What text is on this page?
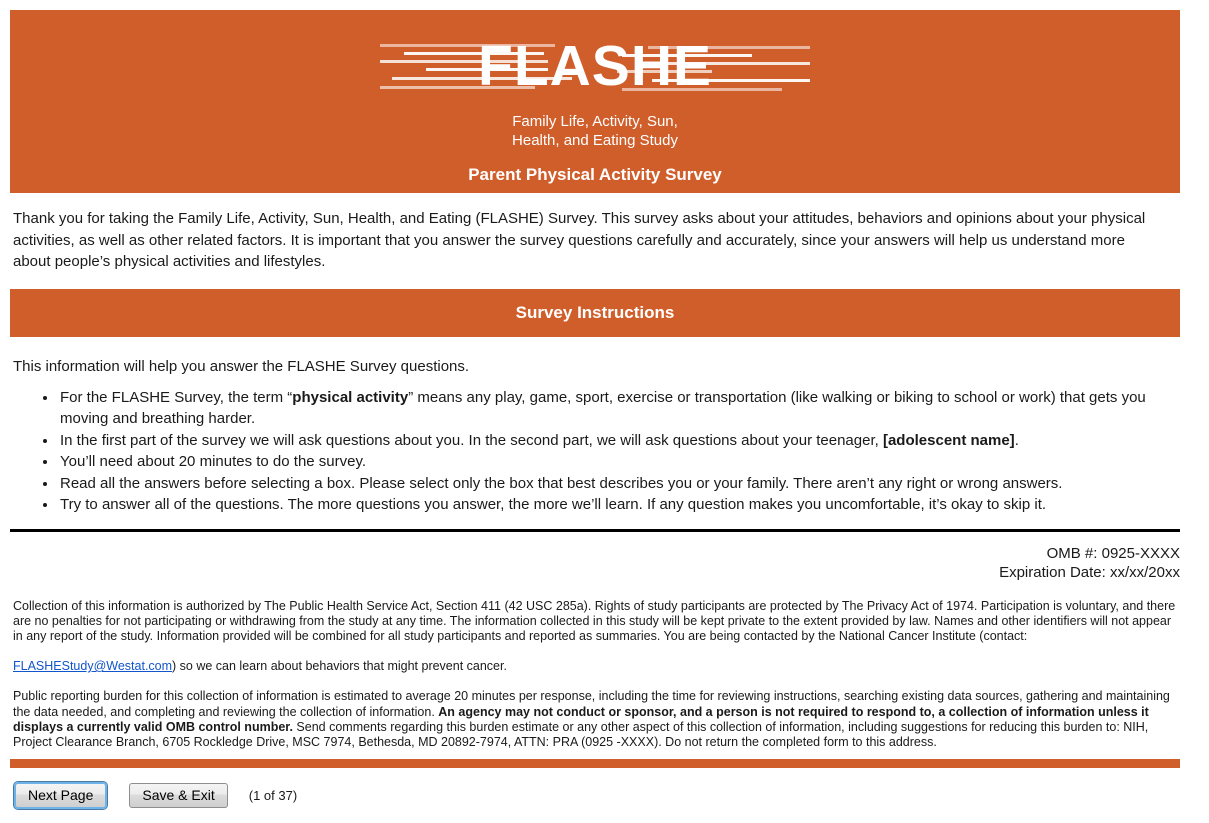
FLASHE
Family Life, Activity, Sun,
Health, and Eating Study
Parent Physical Activity Survey

Thank you for taking the Family Life, Activity, Sun, Health, and Eating (FLASHE) Survey. This survey asks about your attitudes, behaviors and opinions about your physical activities, as well as other related factors. It is important that you answer the survey questions carefully and accurately, since your answers will help us understand more about people’s physical activities and lifestyles.

Survey Instructions

This information will help you answer the FLASHE Survey questions.

• For the FLASHE Survey, the term “physical activity” means any play, game, sport, exercise or transportation (like walking or biking to school or work) that gets you moving and breathing harder.
• In the first part of the survey we will ask questions about you. In the second part, we will ask questions about your teenager, [adolescent name].
• You’ll need about 20 minutes to do the survey.
• Read all the answers before selecting a box. Please select only the box that best describes you or your family. There aren’t any right or wrong answers.
• Try to answer all of the questions. The more questions you answer, the more we’ll learn. If any question makes you uncomfortable, it’s okay to skip it.
OMB #: 0925-XXXX
Expiration Date: xx/xx/20xx

Collection of this information is authorized by The Public Health Service Act, Section 411 (42 USC 285a). Rights of study participants are protected by The Privacy Act of 1974. Participation is voluntary, and there are no penalties for not participating or withdrawing from the study at any time. The information collected in this study will be kept private to the extent provided by law. Names and other identifiers will not appear in any report of the study. Information provided will be combined for all study participants and reported as summaries. You are being contacted by the National Cancer Institute (contact:

FLASHEStudy@Westat.com) so we can learn about behaviors that might prevent cancer.

Public reporting burden for this collection of information is estimated to average 20 minutes per response, including the time for reviewing instructions, searching existing data sources, gathering and maintaining the data needed, and completing and reviewing the collection of information. An agency may not conduct or sponsor, and a person is not required to respond to, a collection of information unless it displays a currently valid OMB control number. Send comments regarding this burden estimate or any other aspect of this collection of information, including suggestions for reducing this burden to: NIH, Project Clearance Branch, 6705 Rockledge Drive, MSC 7974, Bethesda, MD 20892-7974, ATTN: PRA (0925 -XXXX). Do not return the completed form to this address.

Next Page	Save & Exit	(1 of 37)
